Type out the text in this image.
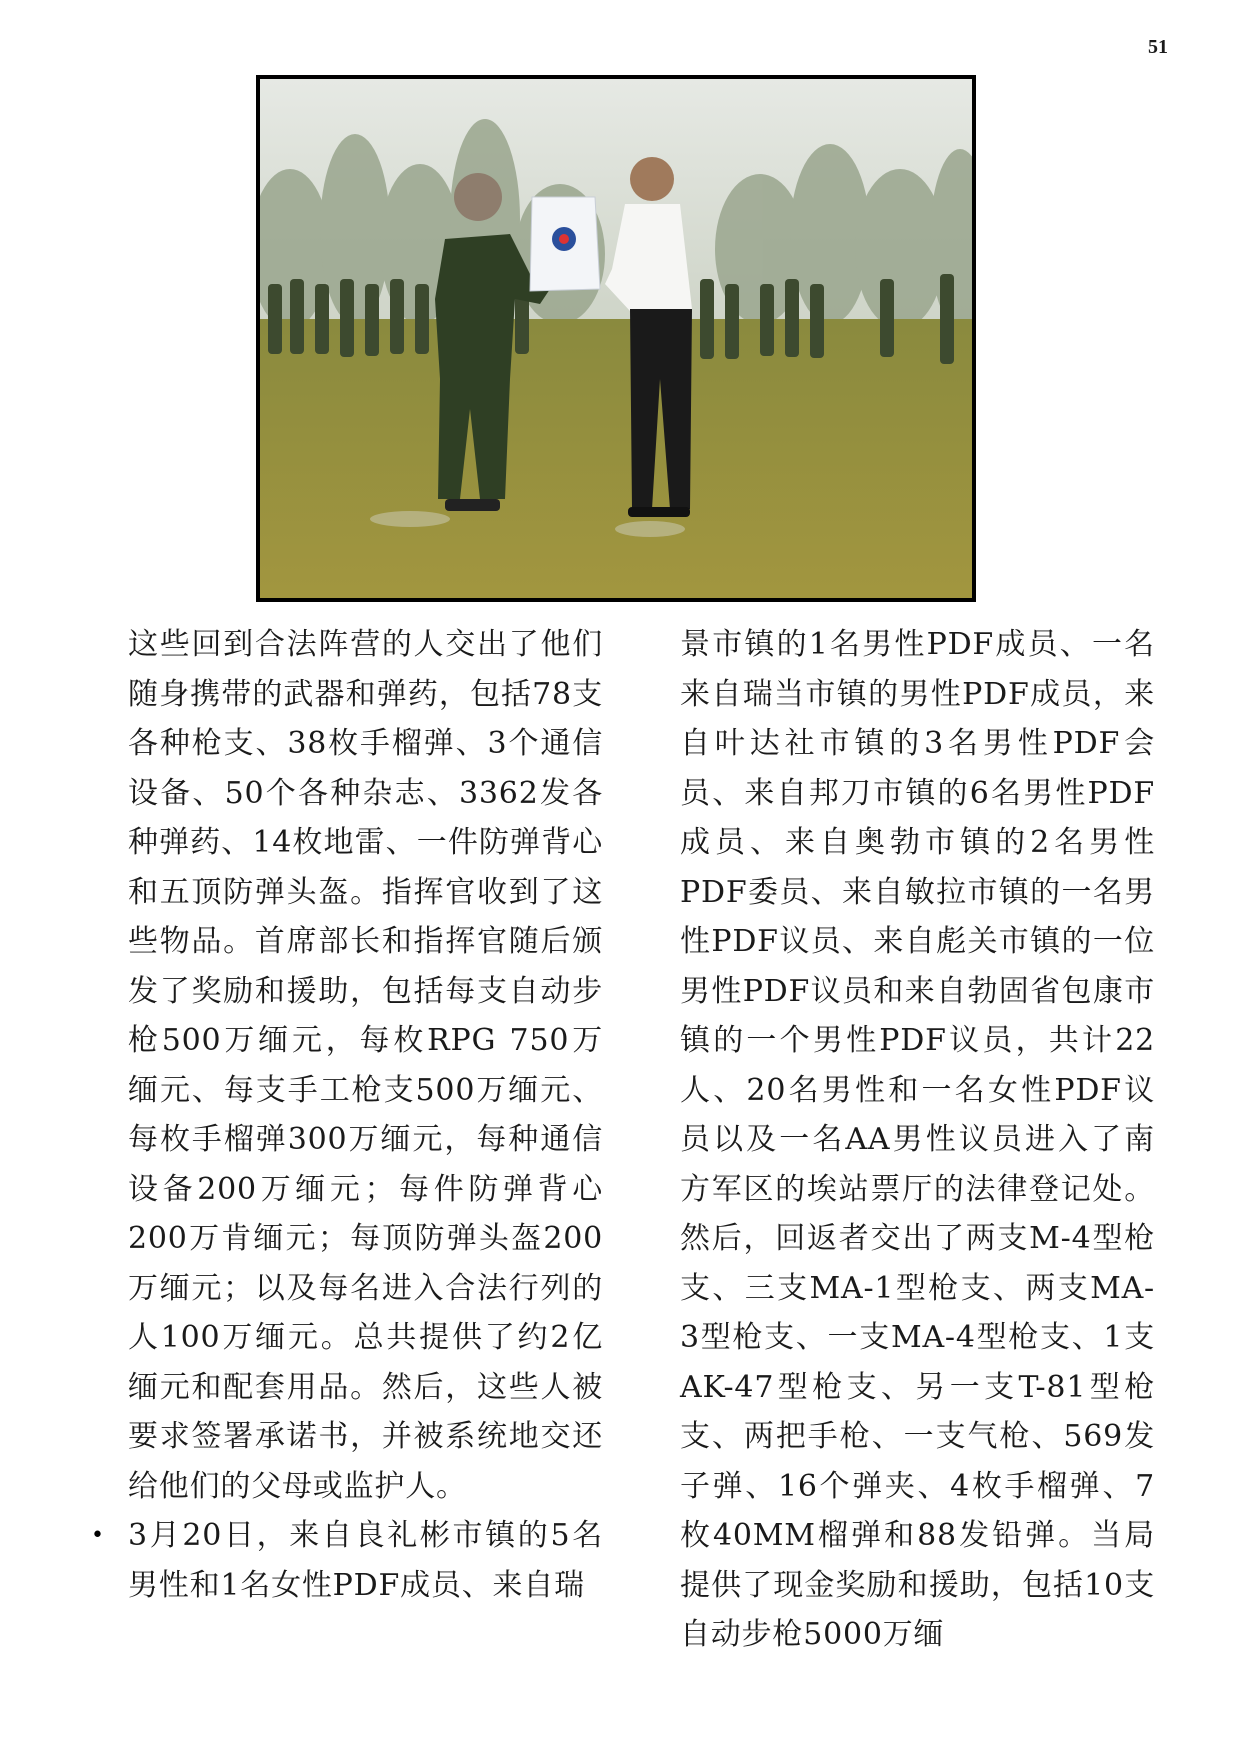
51

这些回到合法阵营的人交出了他们随身携带的武器和弹药，包括78支各种枪支、38枚手榴弹、3个通信设备、50个各种杂志、3362发各种弹药、14枚地雷、一件防弹背心和五顶防弹头盔。指挥官收到了这些物品。首席部长和指挥官随后颁发了奖励和援助，包括每支自动步枪500万缅元，每枚RPG 750万缅元、每支手工枪支500万缅元、每枚手榴弹300万缅元，每种通信设备200万缅元；每件防弹背心200万肯缅元；每顶防弹头盔200万缅元；以及每名进入合法行列的人100万缅元。总共提供了约2亿缅元和配套用品。然后，这些人被要求签署承诺书，并被系统地交还给他们的父母或监护人。

• 3月20日，来自良礼彬市镇的5名男性和1名女性PDF成员、来自瑞

景市镇的1名男性PDF成员、一名来自瑞当市镇的男性PDF成员，来自叶达社市镇的3名男性PDF会员、来自邦刀市镇的6名男性PDF成员、来自奥勃市镇的2名男性PDF委员、来自敏拉市镇的一名男性PDF议员、来自彪关市镇的一位男性PDF议员和来自勃固省包康市镇的一个男性PDF议员，共计22人、20名男性和一名女性PDF议员以及一名AA男性议员进入了南方军区的埃站票厅的法律登记处。然后，回返者交出了两支M-4型枪支、三支MA-1型枪支、两支MA-3型枪支、一支MA-4型枪支、1支AK-47型枪支、另一支T-81型枪支、两把手枪、一支气枪、569发子弹、16个弹夹、4枚手榴弹、7枚40MM榴弹和88发铅弹。当局提供了现金奖励和援助，包括10支自动步枪5000万缅
